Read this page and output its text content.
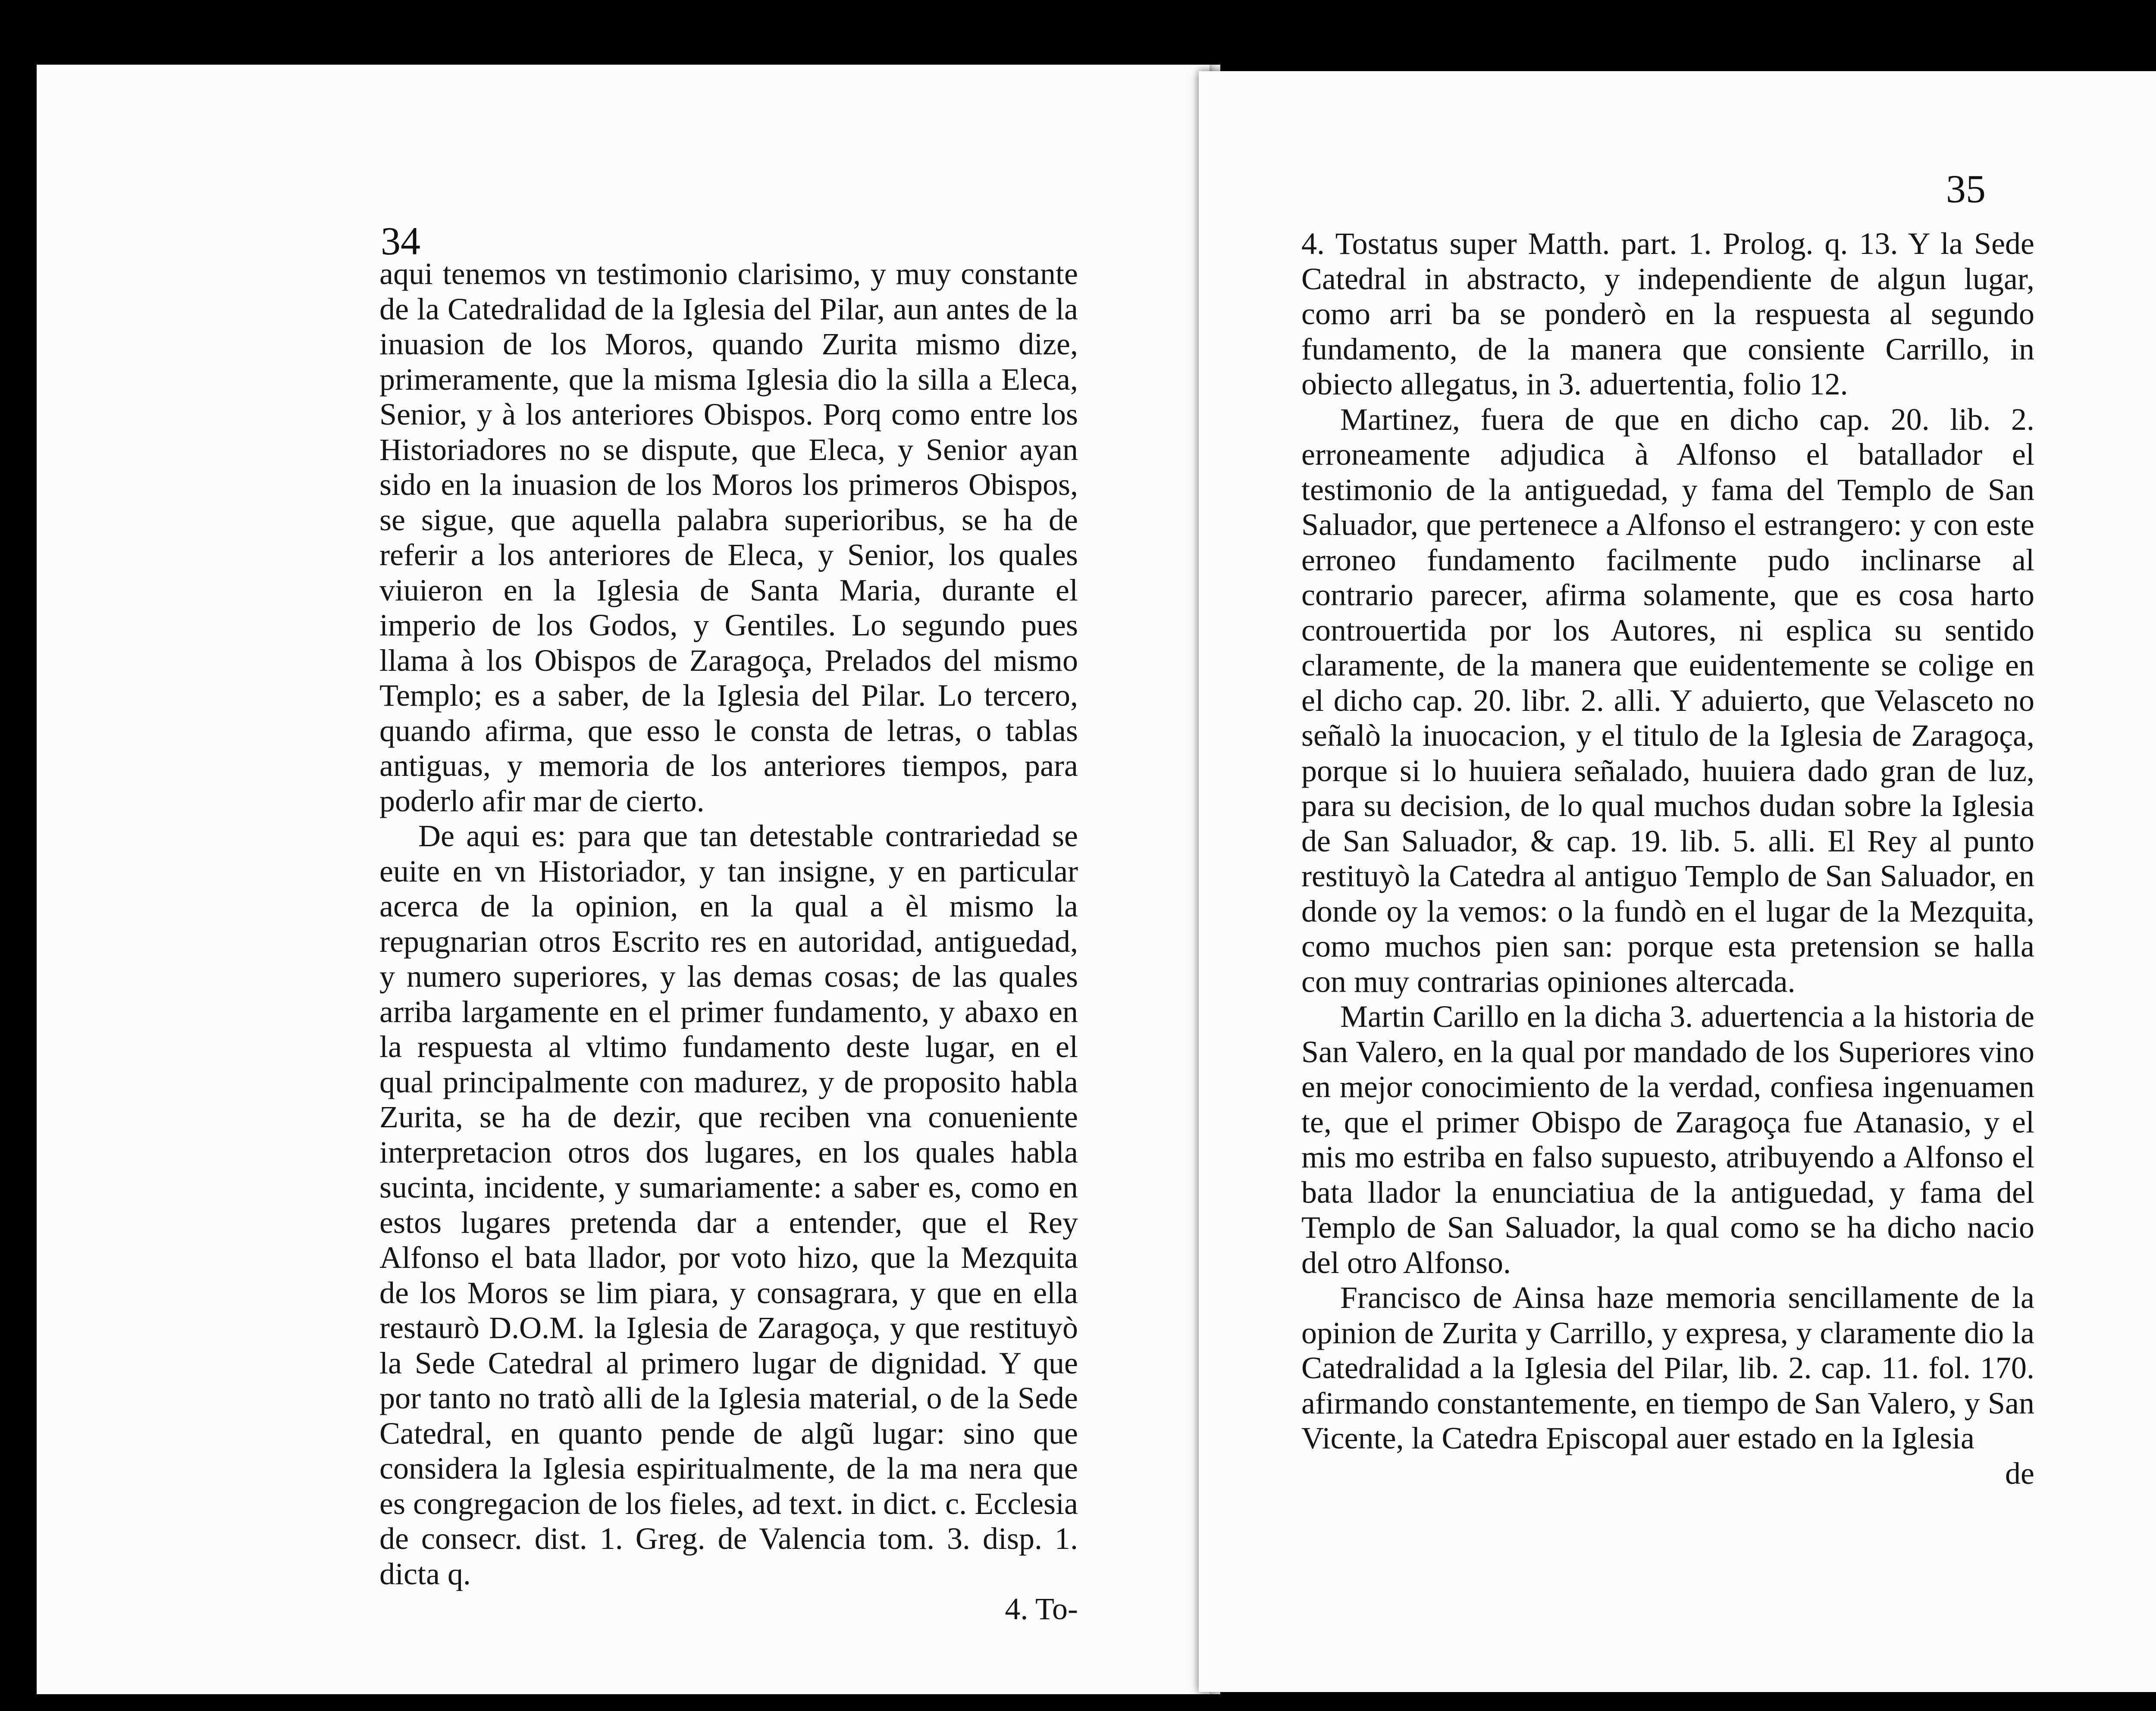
34
35

aqui tenemos vn testimonio clarisimo, y muy constante de la Catedralidad de la Iglesia del Pilar, aun antes de la inuasion de los Moros, quando Zurita mismo dize, primeramente, que la misma Iglesia dio la silla a Eleca, Senior, y à los anteriores Obispos. Porq como entre los Historiadores no se dispute, que Eleca, y Senior ayan sido en la inuasion de los Moros los primeros Obispos, se sigue, que aquella palabra superioribus, se ha de referir a los anteriores de Eleca, y Senior, los quales viuieron en la Iglesia de Santa Maria, durante el imperio de los Godos, y Gentiles. Lo segundo pues llama à los Obispos de Zaragoça, Prelados del mismo Templo; es a saber, de la Iglesia del Pilar. Lo tercero, quando afirma, que esso le consta de letras, o tablas antiguas, y memoria de los anteriores tiempos, para poderlo afir mar de cierto.

De aqui es: para que tan detestable contrariedad se euite en vn Historiador, y tan insigne, y en particular acerca de la opinion, en la qual a èl mismo la repugnarian otros Escrito res en autoridad, antiguedad, y numero superiores, y las demas cosas; de las quales arriba largamente en el primer fundamento, y abaxo en la respuesta al vltimo fundamento deste lugar, en el qual principalmente con madurez, y de proposito habla Zurita, se ha de dezir, que reciben vna conueniente interpretacion otros dos lugares, en los quales habla sucinta, incidente, y sumariamente: a saber es, como en estos lugares pretenda dar a entender, que el Rey Alfonso el bata llador, por voto hizo, que la Mezquita de los Moros se lim piara, y consagrara, y que en ella restaurò D.O.M. la Iglesia de Zaragoça, y que restituyò la Sede Catedral al primero lugar de dignidad. Y que por tanto no tratò alli de la Iglesia material, o de la Sede Catedral, en quanto pende de algũ lugar: sino que considera la Iglesia espiritualmente, de la ma nera que es congregacion de los fieles, ad text. in dict. c. Ecclesia de consecr. dist. 1. Greg. de Valencia tom. 3. disp. 1. dicta q.

4. To-

4. Tostatus super Matth. part. 1. Prolog. q. 13. Y la Sede Catedral in abstracto, y independiente de algun lugar, como arri ba se ponderò en la respuesta al segundo fundamento, de la manera que consiente Carrillo, in obiecto allegatus, in 3. aduertentia, folio 12.

Martinez, fuera de que en dicho cap. 20. lib. 2. erroneamente adjudica à Alfonso el batallador el testimonio de la antiguedad, y fama del Templo de San Saluador, que pertenece a Alfonso el estrangero: y con este erroneo fundamento facilmente pudo inclinarse al contrario parecer, afirma solamente, que es cosa harto controuertida por los Autores, ni esplica su sentido claramente, de la manera que euidentemente se colige en el dicho cap. 20. libr. 2. alli. Y aduierto, que Velasceto no señalò la inuocacion, y el titulo de la Iglesia de Zaragoça, porque si lo huuiera señalado, huuiera dado gran de luz, para su decision, de lo qual muchos dudan sobre la Iglesia de San Saluador, & cap. 19. lib. 5. alli. El Rey al punto restituyò la Catedra al antiguo Templo de San Saluador, en donde oy la vemos: o la fundò en el lugar de la Mezquita, como muchos pien san: porque esta pretension se halla con muy contrarias opiniones altercada.

Martin Carillo en la dicha 3. aduertencia a la historia de San Valero, en la qual por mandado de los Superiores vino en mejor conocimiento de la verdad, confiesa ingenuamen te, que el primer Obispo de Zaragoça fue Atanasio, y el mis mo estriba en falso supuesto, atribuyendo a Alfonso el bata llador la enunciatiua de la antiguedad, y fama del Templo de San Saluador, la qual como se ha dicho nacio del otro Alfonso.

Francisco de Ainsa haze memoria sencillamente de la opinion de Zurita y Carrillo, y expresa, y claramente dio la Catedralidad a la Iglesia del Pilar, lib. 2. cap. 11. fol. 170. afirmando constantemente, en tiempo de San Valero, y San Vicente, la Catedra Episcopal auer estado en la Iglesia

de
